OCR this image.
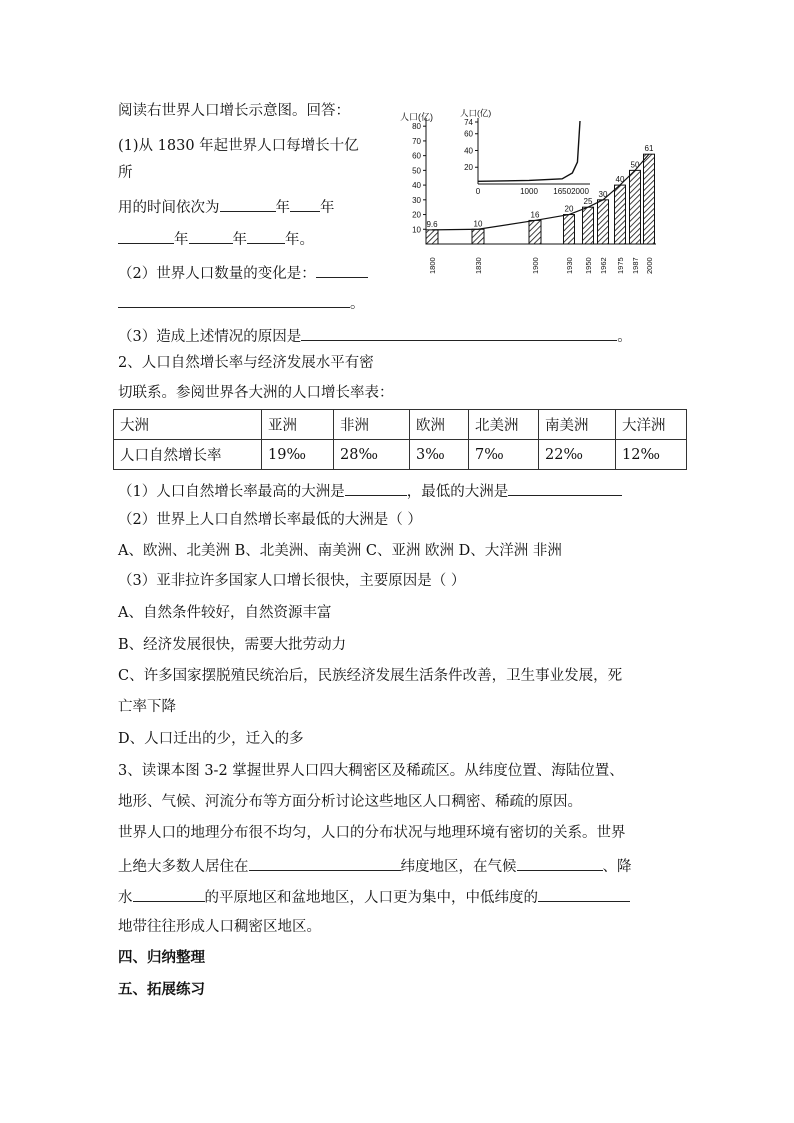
阅读右世界人口增长示意图。回答：
(1)从 1830 年起世界人口每增长十亿
所
用的时间依次为	年 年
年	年	年。
（2）世界人口数量的变化是：
。
（3）造成上述情况的原因是	。
人口(亿)
10
20
30
40
50
60
70
80
9.6	10
16
20
25
30
40
50
61
1800	1830	1900	1930 1950 1962 1975 1987 2000
人口(亿)
20
40
60
74
0	1000 1650 2000
2、人口自然增长率与经济发展水平有密
切联系。参阅世界各大洲的人口增长率表：
大洲	亚洲	非洲	欧洲	北美洲	南美洲	大洋洲
人口自然增长率	19‰	28‰	3‰	7‰	22‰	12‰
（1）人口自然增长率最高的大洲是	，最低的大洲是
（2）世界上人口自然增长率最低的大洲是（ ）
A、欧洲、北美洲 B、北美洲、南美洲 C、亚洲 欧洲 D、大洋洲 非洲
（3）亚非拉许多国家人口增长很快，主要原因是（ ）
A、自然条件较好，自然资源丰富
B、经济发展很快，需要大批劳动力
C、许多国家摆脱殖民统治后，民族经济发展生活条件改善，卫生事业发展，死
亡率下降
D、人口迁出的少，迁入的多
3、读课本图 3-2 掌握世界人口四大稠密区及稀疏区。从纬度位置、海陆位置、
地形、气候、河流分布等方面分析讨论这些地区人口稠密、稀疏的原因。
世界人口的地理分布很不均匀，人口的分布状况与地理环境有密切的关系。世界
上绝大多数人居住在	纬度地区，在气候	、降
水	的平原地区和盆地地区，人口更为集中，中低纬度的
地带往往形成人口稠密区地区。
四、归纳整理
五、拓展练习
